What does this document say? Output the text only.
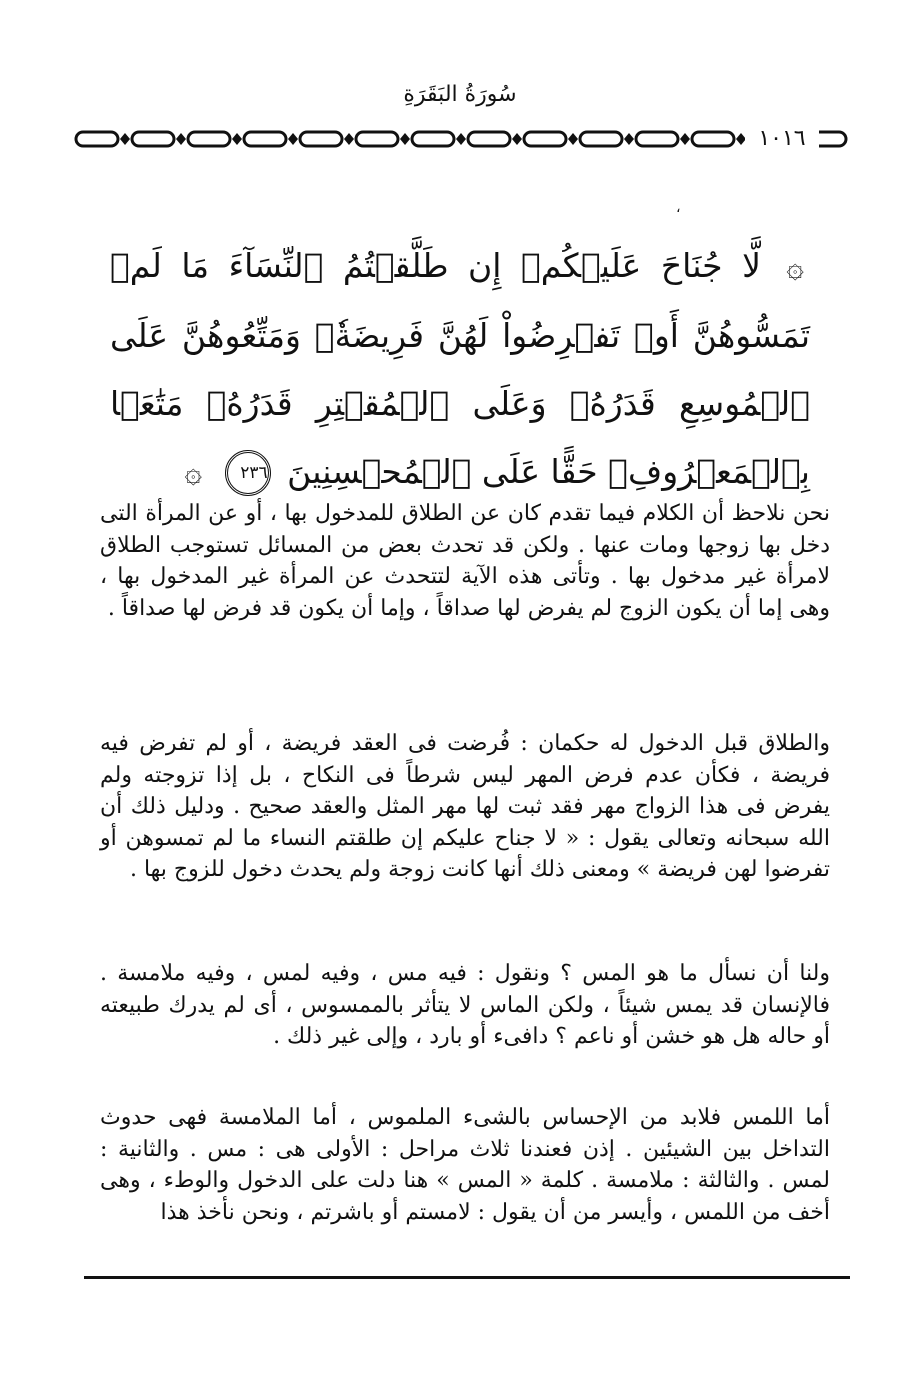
سُورَةُ البَقَرَةِ
١٠١٦
،
۞ لَّا جُنَاحَ عَلَيۡكُمۡ إِن طَلَّقۡتُمُ ٱلنِّسَآءَ مَا لَمۡ تَمَسُّوهُنَّ أَوۡ تَفۡرِضُواْ لَهُنَّ فَرِيضَةٗۚ وَمَتِّعُوهُنَّ عَلَى ٱلۡمُوسِعِ قَدَرُهُۥ وَعَلَى ٱلۡمُقۡتِرِ قَدَرُهُۥ مَتَٰعَۢا بِٱلۡمَعۡرُوفِۖ حَقًّا عَلَى ٱلۡمُحۡسِنِينَ ٢٣٦ ۞

نحن نلاحظ أن الكلام فيما تقدم كان عن الطلاق للمدخول بها ، أو عن المرأة التى دخل بها زوجها ومات عنها . ولكن قد تحدث بعض من المسائل تستوجب الطلاق لامرأة غير مدخول بها . وتأتى هذه الآية لتتحدث عن المرأة غير المدخول بها ، وهى إما أن يكون الزوج لم يفرض لها صداقاً ، وإما أن يكون قد فرض لها صداقاً .

والطلاق قبل الدخول له حكمان : فُرضت فى العقد فريضة ، أو لم تفرض فيه فريضة ، فكأن عدم فرض المهر ليس شرطاً فى النكاح ، بل إذا تزوجته ولم يفرض فى هذا الزواج مهر فقد ثبت لها مهر المثل والعقد صحيح . ودليل ذلك أن الله سبحانه وتعالى يقول : « لا جناح عليكم إن طلقتم النساء ما لم تمسوهن أو تفرضوا لهن فريضة » ومعنى ذلك أنها كانت زوجة ولم يحدث دخول للزوج بها .

ولنا أن نسأل ما هو المس ؟ ونقول : فيه مس ، وفيه لمس ، وفيه ملامسة . فالإنسان قد يمس شيئاً ، ولكن الماس لا يتأثر بالممسوس ، أى لم يدرك طبيعته أو حاله هل هو خشن أو ناعم ؟ دافىء أو بارد ، وإلى غير ذلك .

أما اللمس فلابد من الإحساس بالشىء الملموس ، أما الملامسة فهى حدوث التداخل بين الشيئين . إذن فعندنا ثلاث مراحل : الأولى هى : مس . والثانية : لمس . والثالثة : ملامسة . كلمة « المس » هنا دلت على الدخول والوطء ، وهى أخف من اللمس ، وأيسر من أن يقول : لامستم أو باشرتم ، ونحن نأخذ هذا
